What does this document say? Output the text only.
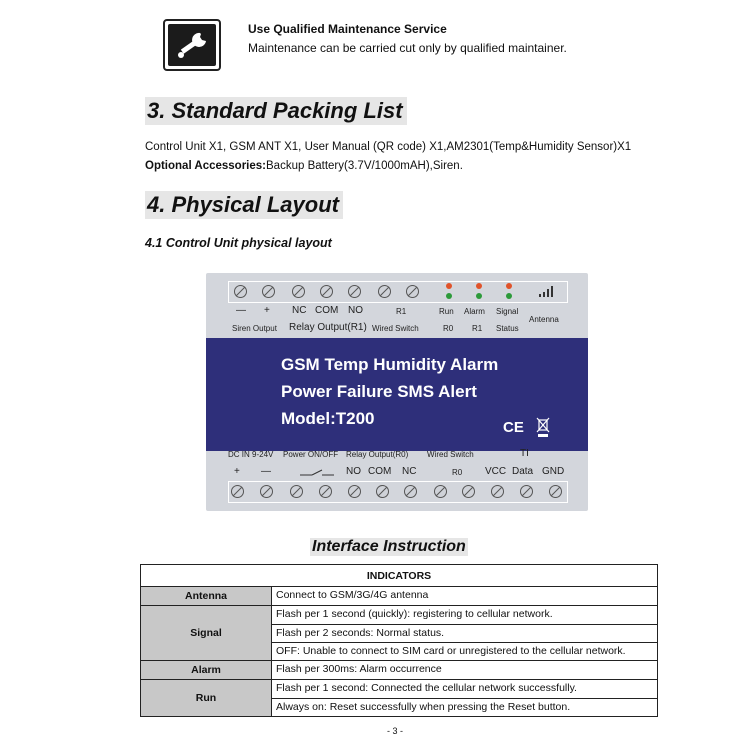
Use Qualified Maintenance Service
Maintenance can be carried cut only by qualified maintainer.
3. Standard Packing List
Control Unit X1, GSM ANT X1, User Manual (QR code) X1,AM2301(Temp&Humidity Sensor)X1
Optional Accessories:Backup Battery(3.7V/1000mAH),Siren.
4. Physical Layout
4.1 Control Unit physical layout
— +
Siren Output
NC COM NO
Relay Output(R1)
R1
Wired Switch
Run Alarm Signal
R0 R1 Status
Antenna
GSM Temp Humidity Alarm
Power Failure SMS Alert
Model:T200	CE
DC IN 9-24V Power ON/OFF Relay Output(R0) Wired Switch	TI
+ —	NO COM NC	R0 VCC Data GND
Interface Instruction
INDICATORS	
Antenna	Connect to GSM/3G/4G antenna

Signal	Flash per 1 second (quickly): registering to cellular network.
Flash per 2 seconds: Normal status.
OFF: Unable to connect to SIM card or unregistered to the cellular network.

Alarm	Flash per 300ms: Alarm occurrence

Run	Flash per 1 second: Connected the cellular network successfully.
Always on: Reset successfully when pressing the Reset button.
- 3 -
